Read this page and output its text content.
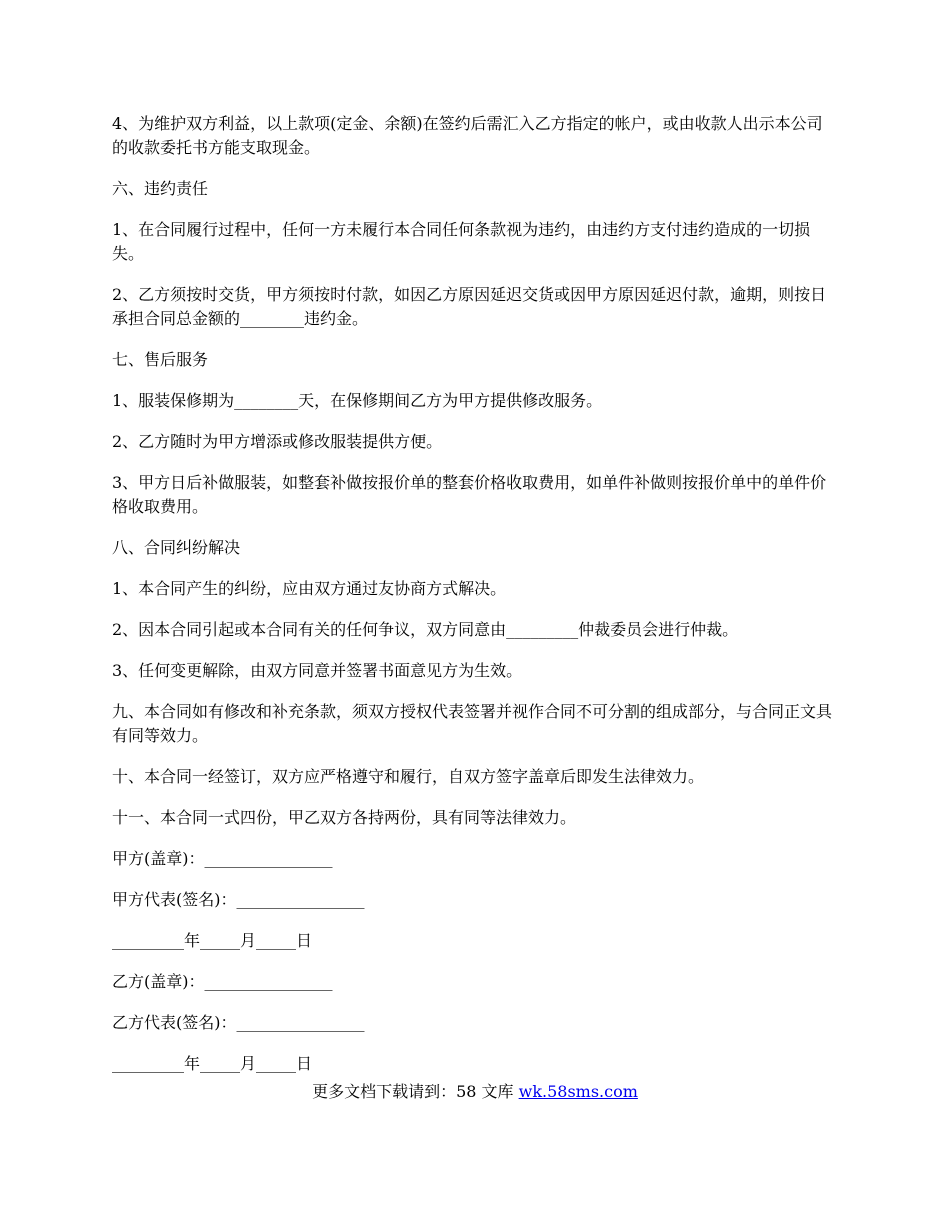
4、为维护双方利益，以上款项(定金、余额)在签约后需汇入乙方指定的帐户，或由收款人出示本公司的收款委托书方能支取现金。

六、违约责任

1、在合同履行过程中，任何一方未履行本合同任何条款视为违约，由违约方支付违约造成的一切损失。

2、乙方须按时交货，甲方须按时付款，如因乙方原因延迟交货或因甲方原因延迟付款，逾期，则按日承担合同总金额的________违约金。

七、售后服务

1、服装保修期为________天，在保修期间乙方为甲方提供修改服务。

2、乙方随时为甲方增添或修改服装提供方便。

3、甲方日后补做服装，如整套补做按报价单的整套价格收取费用，如单件补做则按报价单中的单件价格收取费用。

八、合同纠纷解决

1、本合同产生的纠纷，应由双方通过友协商方式解决。

2、因本合同引起或本合同有关的任何争议，双方同意由_________仲裁委员会进行仲裁。

3、任何变更解除，由双方同意并签署书面意见方为生效。

九、本合同如有修改和补充条款，须双方授权代表签署并视作合同不可分割的组成部分，与合同正文具有同等效力。

十、本合同一经签订，双方应严格遵守和履行，自双方签字盖章后即发生法律效力。

十一、本合同一式四份，甲乙双方各持两份，具有同等法律效力。

甲方(盖章)：________________

甲方代表(签名)：________________

_________年_____月_____日

乙方(盖章)：________________

乙方代表(签名)：________________

_________年_____月_____日

更多文档下载请到：58 文库 wk.58sms.com
